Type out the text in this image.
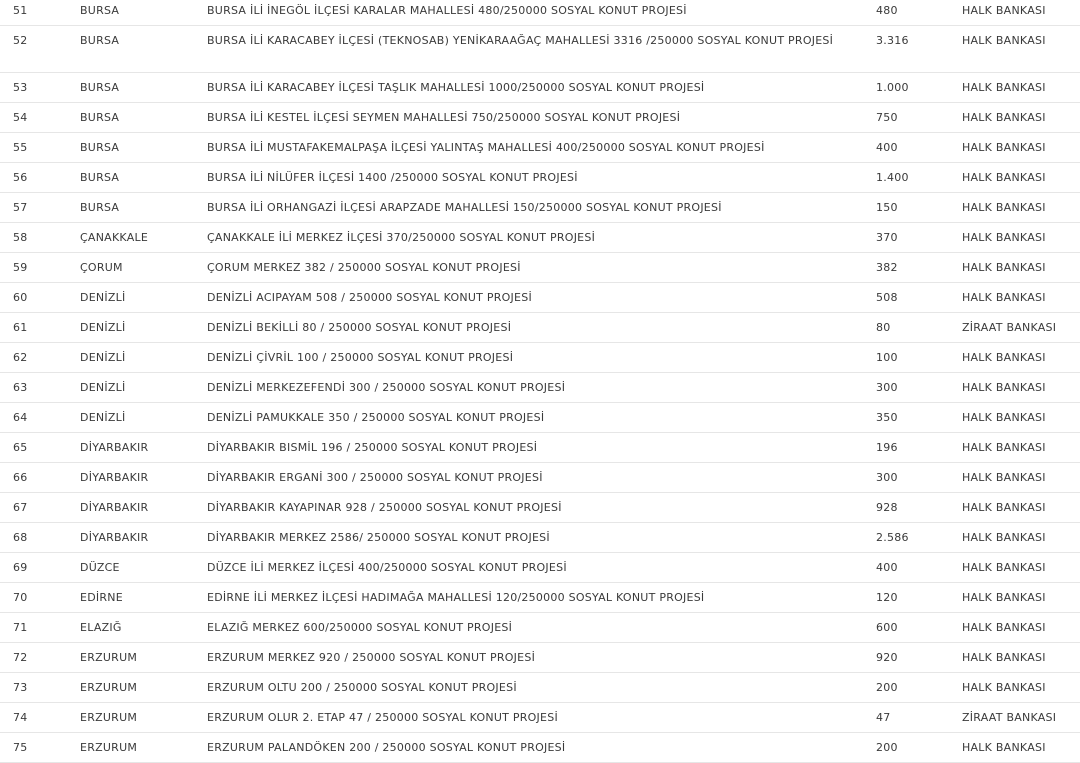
51	BURSA	BURSA İLİ İNEGÖL İLÇESİ KARALAR MAHALLESİ 480/250000 SOSYAL KONUT PROJESİ	480	HALK BANKASI
52	BURSA	BURSA İLİ KARACABEY İLÇESİ (TEKNOSAB) YENİKARAAĞAÇ MAHALLESİ 3316 /250000 SOSYAL KONUT PROJESİ	3.316	HALK BANKASI
53	BURSA	BURSA İLİ KARACABEY İLÇESİ TAŞLIK MAHALLESİ 1000/250000 SOSYAL KONUT PROJESİ	1.000	HALK BANKASI
54	BURSA	BURSA İLİ KESTEL İLÇESİ SEYMEN MAHALLESİ 750/250000 SOSYAL KONUT PROJESİ	750	HALK BANKASI
55	BURSA	BURSA İLİ MUSTAFAKEMALPAŞA İLÇESİ YALINTAŞ MAHALLESİ 400/250000 SOSYAL KONUT PROJESİ	400	HALK BANKASI
56	BURSA	BURSA İLİ NİLÜFER İLÇESİ 1400 /250000 SOSYAL KONUT PROJESİ	1.400	HALK BANKASI
57	BURSA	BURSA İLİ ORHANGAZİ İLÇESİ ARAPZADE MAHALLESİ 150/250000 SOSYAL KONUT PROJESİ	150	HALK BANKASI
58	ÇANAKKALE	ÇANAKKALE İLİ MERKEZ İLÇESİ 370/250000 SOSYAL KONUT PROJESİ	370	HALK BANKASI
59	ÇORUM	ÇORUM MERKEZ 382 / 250000 SOSYAL KONUT PROJESİ	382	HALK BANKASI
60	DENİZLİ	DENİZLİ ACIPAYAM 508 / 250000 SOSYAL KONUT PROJESİ	508	HALK BANKASI
61	DENİZLİ	DENİZLİ BEKİLLİ 80 / 250000 SOSYAL KONUT PROJESİ	80	ZİRAAT BANKASI
62	DENİZLİ	DENİZLİ ÇİVRİL 100 / 250000 SOSYAL KONUT PROJESİ	100	HALK BANKASI
63	DENİZLİ	DENİZLİ MERKEZEFENDİ 300 / 250000 SOSYAL KONUT PROJESİ	300	HALK BANKASI
64	DENİZLİ	DENİZLİ PAMUKKALE 350 / 250000 SOSYAL KONUT PROJESİ	350	HALK BANKASI
65	DİYARBAKIR	DİYARBAKIR BISMİL 196 / 250000 SOSYAL KONUT PROJESİ	196	HALK BANKASI
66	DİYARBAKIR	DİYARBAKIR ERGANİ 300 / 250000 SOSYAL KONUT PROJESİ	300	HALK BANKASI
67	DİYARBAKIR	DİYARBAKIR KAYAPINAR 928 / 250000 SOSYAL KONUT PROJESİ	928	HALK BANKASI
68	DİYARBAKIR	DİYARBAKIR MERKEZ 2586/ 250000 SOSYAL KONUT PROJESİ	2.586	HALK BANKASI
69	DÜZCE	DÜZCE İLİ MERKEZ İLÇESİ 400/250000 SOSYAL KONUT PROJESİ	400	HALK BANKASI
70	EDİRNE	EDİRNE İLİ MERKEZ İLÇESİ HADIMAĞA MAHALLESİ 120/250000 SOSYAL KONUT PROJESİ	120	HALK BANKASI
71	ELAZIĞ	ELAZIĞ MERKEZ 600/250000 SOSYAL KONUT PROJESİ	600	HALK BANKASI
72	ERZURUM	ERZURUM MERKEZ 920 / 250000 SOSYAL KONUT PROJESİ	920	HALK BANKASI
73	ERZURUM	ERZURUM OLTU 200 / 250000 SOSYAL KONUT PROJESİ	200	HALK BANKASI
74	ERZURUM	ERZURUM OLUR 2. ETAP 47 / 250000 SOSYAL KONUT PROJESİ	47	ZİRAAT BANKASI
75	ERZURUM	ERZURUM PALANDÖKEN 200 / 250000 SOSYAL KONUT PROJESİ	200	HALK BANKASI
